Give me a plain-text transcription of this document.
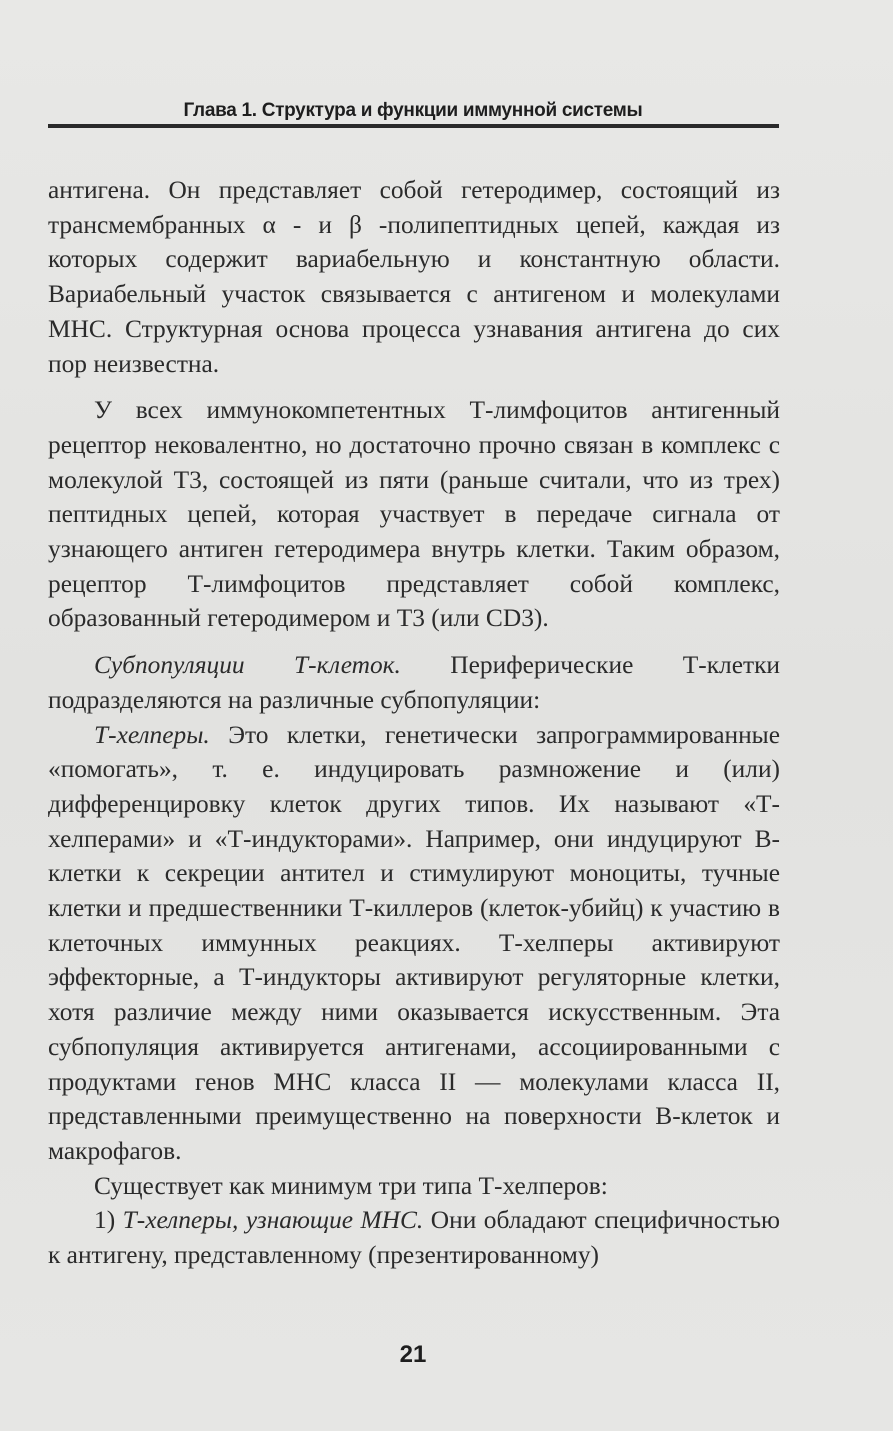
Глава 1. Структура и функции иммунной системы

антигена. Он представляет собой гетеродимер, состоящий из трансмембранных α - и β -полипептидных цепей, каждая из которых содержит вариабельную и константную области. Вариабельный участок связывается с антигеном и молекулами МНС. Структурная основа процесса узнавания антигена до сих пор неизвестна.

У всех иммунокомпетентных Т-лимфоцитов антигенный рецептор нековалентно, но достаточно прочно связан в комплекс с молекулой Т3, состоящей из пяти (раньше считали, что из трех) пептидных цепей, которая участвует в передаче сигнала от узнающего антиген гетеродимера внутрь клетки. Таким образом, рецептор Т-лимфоцитов представляет собой комплекс, образованный гетеродимером и Т3 (или CD3).

Субпопуляции Т-клеток. Периферические Т-клетки подразделяются на различные субпопуляции:

Т-хелперы. Это клетки, генетически запрограммированные «помогать», т. е. индуцировать размножение и (или) дифференцировку клеток других типов. Их называют «Т-хелперами» и «Т-индукторами». Например, они индуцируют В-клетки к секреции антител и стимулируют моноциты, тучные клетки и предшественники Т-киллеров (клеток-убийц) к участию в клеточных иммунных реакциях. Т-хелперы активируют эффекторные, а Т-индукторы активируют регуляторные клетки, хотя различие между ними оказывается искусственным. Эта субпопуляция активируется антигенами, ассоциированными с продуктами генов МНС класса II — молекулами класса II, представленными преимущественно на поверхности В-клеток и макрофагов.

Существует как минимум три типа Т-хелперов:

1) Т-хелперы, узнающие МНС. Они обладают специфичностью к антигену, представленному (презентированному)

21
